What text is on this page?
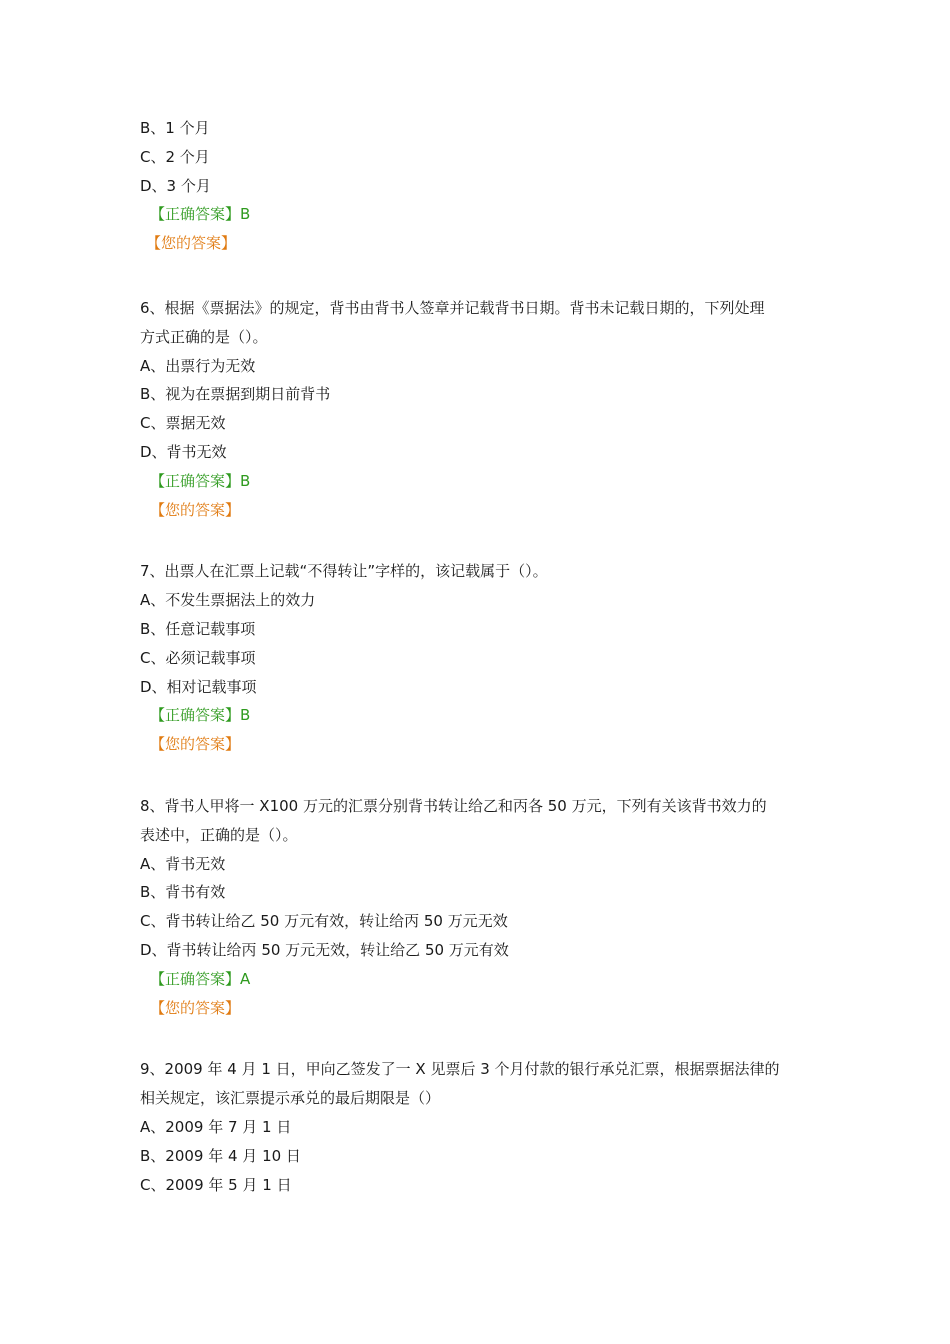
B、1 个月
C、2 个月
D、3 个月
【正确答案】B
【您的答案】
6、根据《票据法》的规定，背书由背书人签章并记载背书日期。背书未记载日期的，下列处理
方式正确的是（）。
A、出票行为无效
B、视为在票据到期日前背书
C、票据无效
D、背书无效
【正确答案】B
【您的答案】
7、出票人在汇票上记载“不得转让”字样的，该记载属于（）。
A、不发生票据法上的效力
B、任意记载事项
C、必须记载事项
D、相对记载事项
【正确答案】B
【您的答案】
8、背书人甲将一 X100 万元的汇票分别背书转让给乙和丙各 50 万元，下列有关该背书效力的
表述中，正确的是（）。
A、背书无效
B、背书有效
C、背书转让给乙 50 万元有效，转让给丙 50 万元无效
D、背书转让给丙 50 万元无效，转让给乙 50 万元有效
【正确答案】A
【您的答案】
9、2009 年 4 月 1 日，甲向乙签发了一 X 见票后 3 个月付款的银行承兑汇票，根据票据法律的
相关规定，该汇票提示承兑的最后期限是（）
A、2009 年 7 月 1 日
B、2009 年 4 月 10 日
C、2009 年 5 月 1 日
